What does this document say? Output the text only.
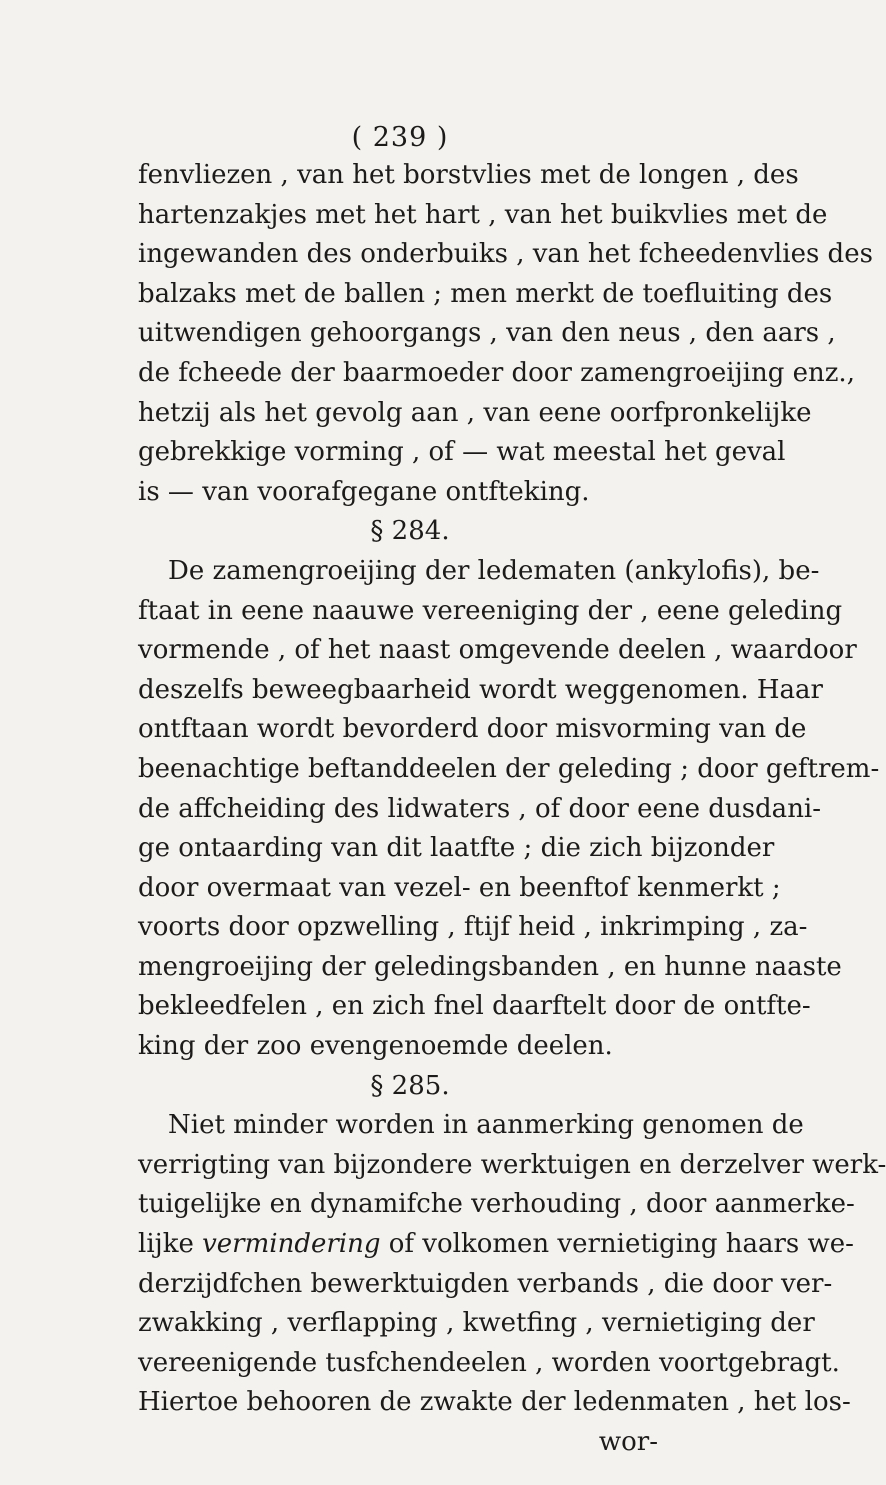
( 239 )
fenvliezen , van het borstvlies met de longen , des
hartenzakjes met het hart , van het buikvlies met de
ingewanden des onderbuiks , van het fcheedenvlies des
balzaks met de ballen ; men merkt de toefluiting des
uitwendigen gehoorgangs , van den neus , den aars ,
de fcheede der baarmoeder door zamengroeijing enz.,
hetzij als het gevolg aan , van eene oorfpronkelijke
gebrekkige vorming , of — wat meestal het geval
is — van voorafgegane ontfteking.
§ 284.
De zamengroeijing der ledematen (ankylofis), be-
ftaat in eene naauwe vereeniging der , eene geleding
vormende , of het naast omgevende deelen , waardoor
deszelfs beweegbaarheid wordt weggenomen. Haar
ontftaan wordt bevorderd door misvorming van de
beenachtige beftanddeelen der geleding ; door geftrem-
de affcheiding des lidwaters , of door eene dusdani-
ge ontaarding van dit laatfte ; die zich bijzonder
door overmaat van vezel- en beenftof kenmerkt ;
voorts door opzwelling , ftijf heid , inkrimping , za-
mengroeijing der geledingsbanden , en hunne naaste
bekleedfelen , en zich fnel daarftelt door de ontfte-
king der zoo evengenoemde deelen.
§ 285.
Niet minder worden in aanmerking genomen de
verrigting van bijzondere werktuigen en derzelver werk-
tuigelijke en dynamifche verhouding , door aanmerke-
lijke vermindering of volkomen vernietiging haars we-
derzijdfchen bewerktuigden verbands , die door ver-
zwakking , verflapping , kwetfing , vernietiging der
vereenigende tusfchendeelen , worden voortgebragt.
Hiertoe behooren de zwakte der ledenmaten , het los-
wor-
